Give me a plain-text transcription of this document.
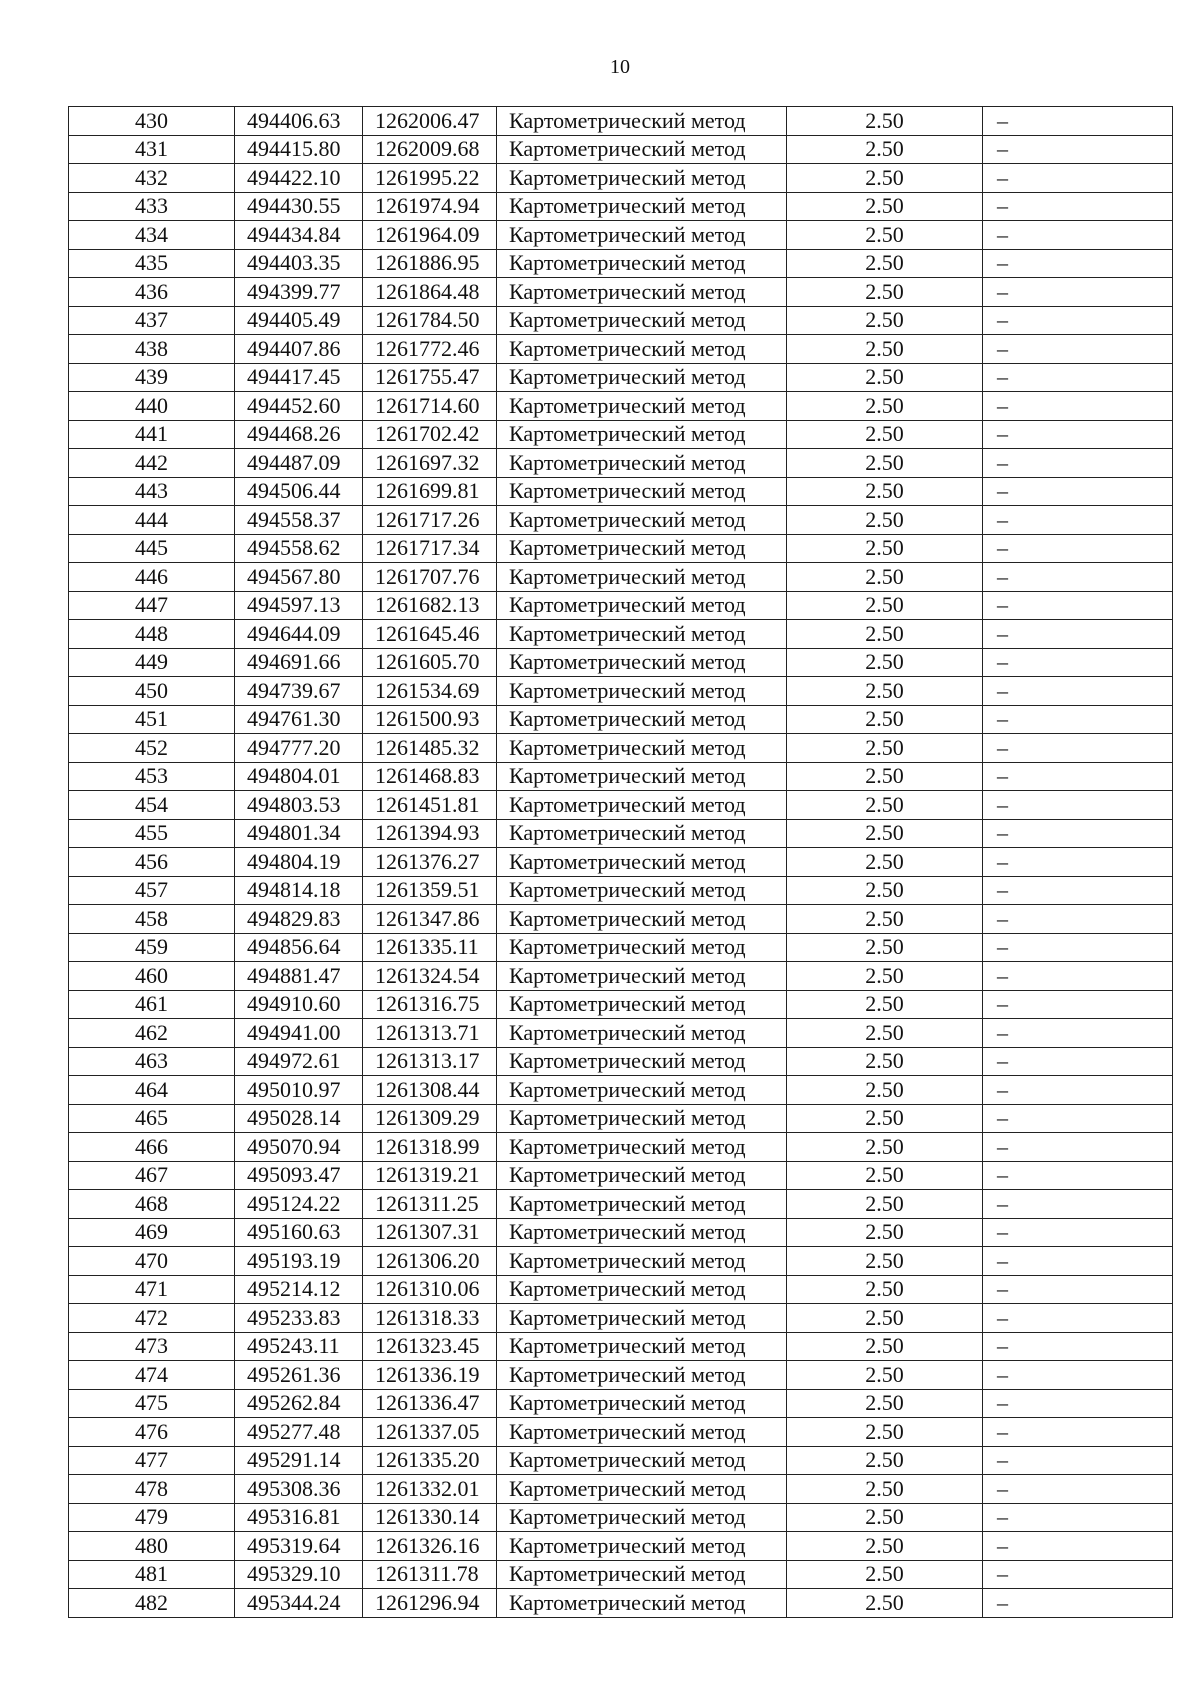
10
430	494406.63	1262006.47	Картометрический метод	2.50	–
431	494415.80	1262009.68	Картометрический метод	2.50	–
432	494422.10	1261995.22	Картометрический метод	2.50	–
433	494430.55	1261974.94	Картометрический метод	2.50	–
434	494434.84	1261964.09	Картометрический метод	2.50	–
435	494403.35	1261886.95	Картометрический метод	2.50	–
436	494399.77	1261864.48	Картометрический метод	2.50	–
437	494405.49	1261784.50	Картометрический метод	2.50	–
438	494407.86	1261772.46	Картометрический метод	2.50	–
439	494417.45	1261755.47	Картометрический метод	2.50	–
440	494452.60	1261714.60	Картометрический метод	2.50	–
441	494468.26	1261702.42	Картометрический метод	2.50	–
442	494487.09	1261697.32	Картометрический метод	2.50	–
443	494506.44	1261699.81	Картометрический метод	2.50	–
444	494558.37	1261717.26	Картометрический метод	2.50	–
445	494558.62	1261717.34	Картометрический метод	2.50	–
446	494567.80	1261707.76	Картометрический метод	2.50	–
447	494597.13	1261682.13	Картометрический метод	2.50	–
448	494644.09	1261645.46	Картометрический метод	2.50	–
449	494691.66	1261605.70	Картометрический метод	2.50	–
450	494739.67	1261534.69	Картометрический метод	2.50	–
451	494761.30	1261500.93	Картометрический метод	2.50	–
452	494777.20	1261485.32	Картометрический метод	2.50	–
453	494804.01	1261468.83	Картометрический метод	2.50	–
454	494803.53	1261451.81	Картометрический метод	2.50	–
455	494801.34	1261394.93	Картометрический метод	2.50	–
456	494804.19	1261376.27	Картометрический метод	2.50	–
457	494814.18	1261359.51	Картометрический метод	2.50	–
458	494829.83	1261347.86	Картометрический метод	2.50	–
459	494856.64	1261335.11	Картометрический метод	2.50	–
460	494881.47	1261324.54	Картометрический метод	2.50	–
461	494910.60	1261316.75	Картометрический метод	2.50	–
462	494941.00	1261313.71	Картометрический метод	2.50	–
463	494972.61	1261313.17	Картометрический метод	2.50	–
464	495010.97	1261308.44	Картометрический метод	2.50	–
465	495028.14	1261309.29	Картометрический метод	2.50	–
466	495070.94	1261318.99	Картометрический метод	2.50	–
467	495093.47	1261319.21	Картометрический метод	2.50	–
468	495124.22	1261311.25	Картометрический метод	2.50	–
469	495160.63	1261307.31	Картометрический метод	2.50	–
470	495193.19	1261306.20	Картометрический метод	2.50	–
471	495214.12	1261310.06	Картометрический метод	2.50	–
472	495233.83	1261318.33	Картометрический метод	2.50	–
473	495243.11	1261323.45	Картометрический метод	2.50	–
474	495261.36	1261336.19	Картометрический метод	2.50	–
475	495262.84	1261336.47	Картометрический метод	2.50	–
476	495277.48	1261337.05	Картометрический метод	2.50	–
477	495291.14	1261335.20	Картометрический метод	2.50	–
478	495308.36	1261332.01	Картометрический метод	2.50	–
479	495316.81	1261330.14	Картометрический метод	2.50	–
480	495319.64	1261326.16	Картометрический метод	2.50	–
481	495329.10	1261311.78	Картометрический метод	2.50	–
482	495344.24	1261296.94	Картометрический метод	2.50	–
